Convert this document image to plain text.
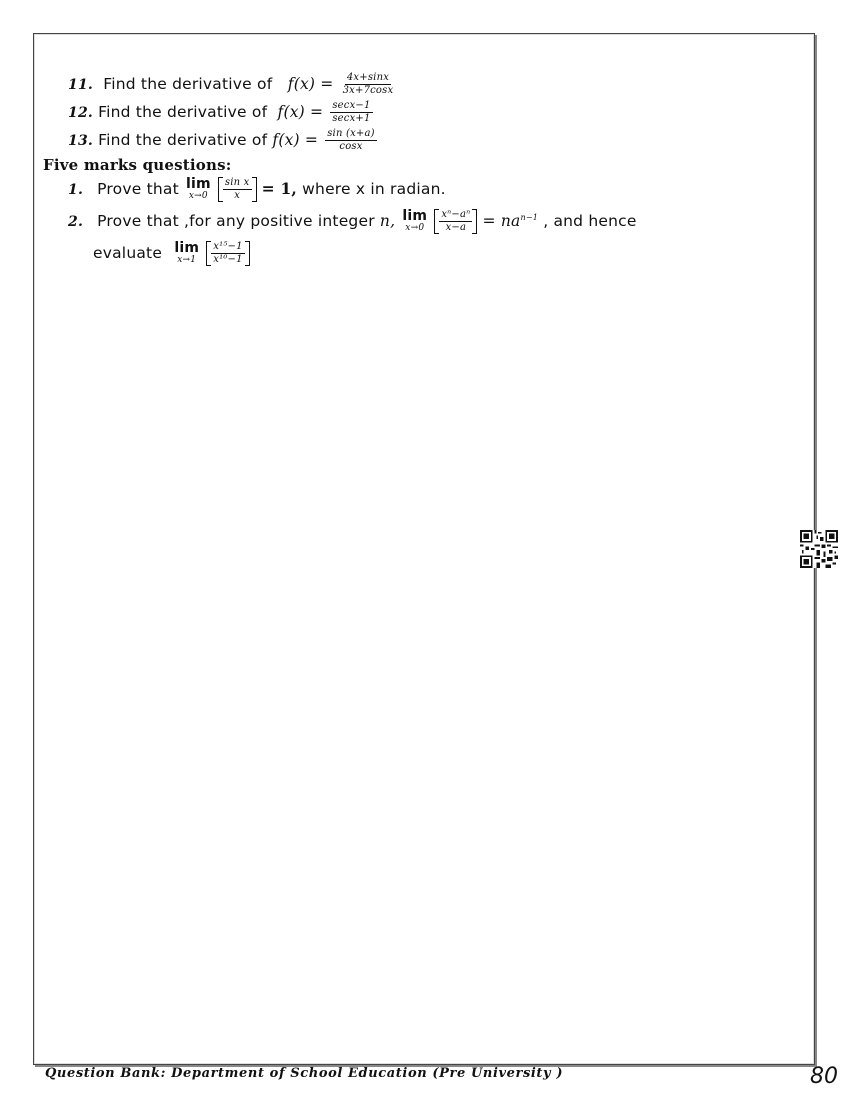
11. Find the derivative of $f(x) = \frac{4x+\sin x}{3x+7\cos x}$
12. Find the derivative of $f(x) = \frac{\sec x-1}{\sec x+1}$
13. Find the derivative of $f(x) = \frac{\sin (x+a)}{\cos x}$
Five marks questions:
1. Prove that lim
x→0
$\frac{\text{sin x}}{x} = 1$, where x in radian.
2. Prove that ,for any positive integer n, lim
x→0
$\frac{\text{xⁿ−aⁿ}}{x-a} = na^{n-1}$ , and hence
evaluate lim
x→1
$\frac{\text{x¹⁵−1}}{\text{x¹⁰−1}}$
Question Bank: Department of School Education (Pre University )	80
